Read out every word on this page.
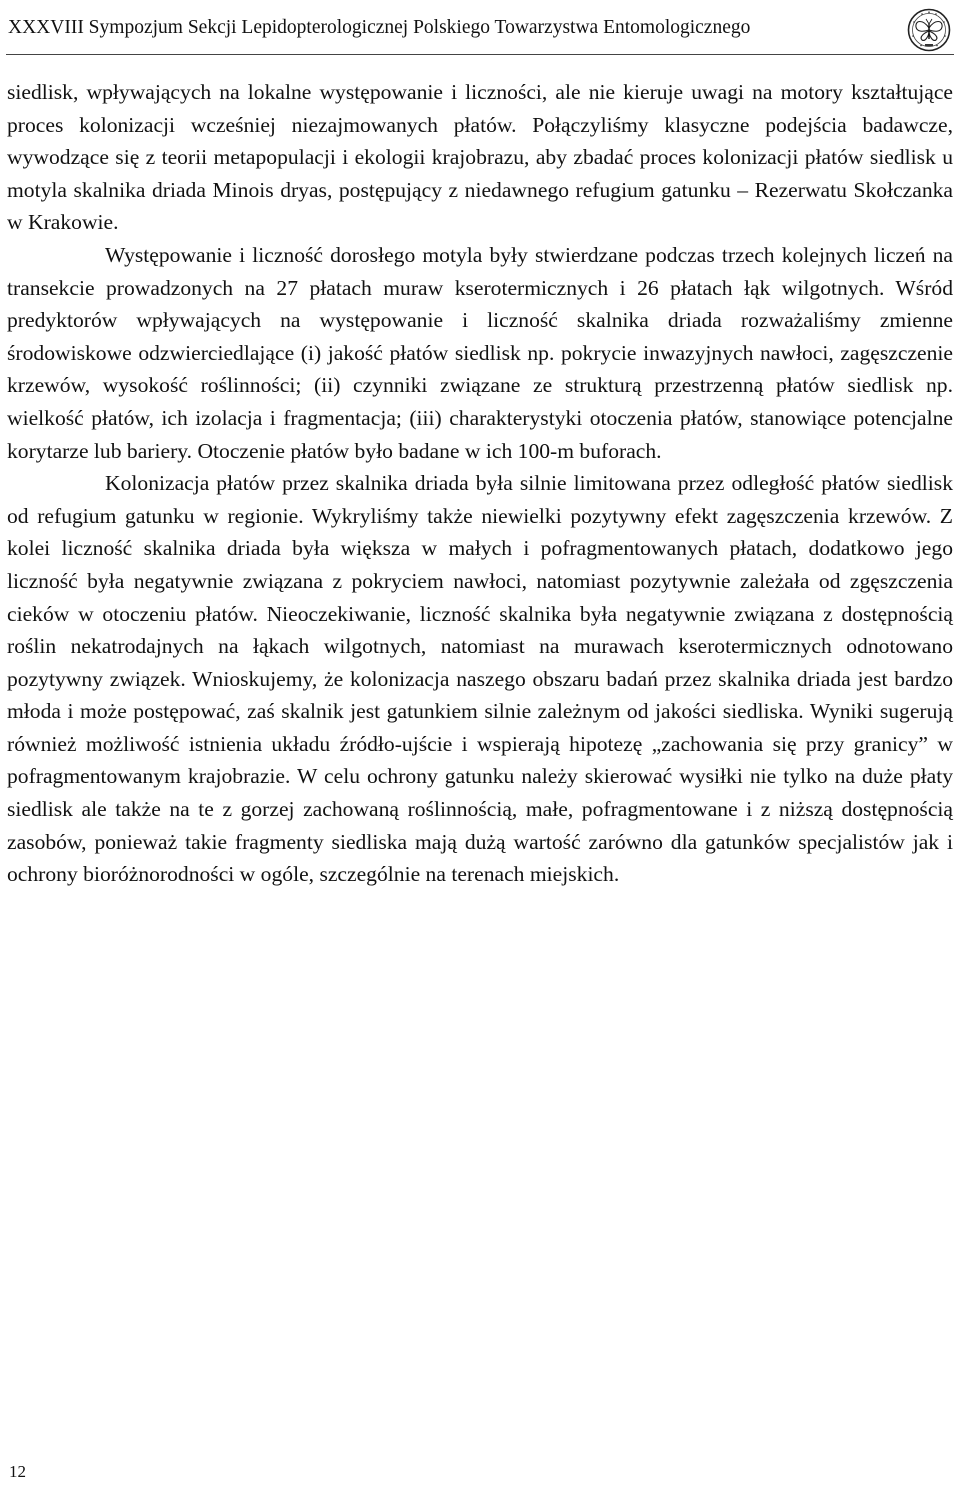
XXXVIII Sympozjum Sekcji Lepidopterologicznej Polskiego Towarzystwa Entomologicznego

siedlisk, wpływających na lokalne występowanie i liczności, ale nie kieruje uwagi na motory kształtujące proces kolonizacji wcześniej niezajmowanych płatów. Połączyliśmy klasyczne podejścia badawcze, wywodzące się z teorii metapopulacji i ekologii krajobrazu, aby zbadać proces kolonizacji płatów siedlisk u motyla skalnika driada Minois dryas, postępujący z niedawnego refugium gatunku – Rezerwatu Skołczanka w Krakowie.

Występowanie i liczność dorosłego motyla były stwierdzane podczas trzech kolejnych liczeń na transekcie prowadzonych na 27 płatach muraw kserotermicznych i 26 płatach łąk wilgotnych. Wśród predyktorów wpływających na występowanie i liczność skalnika driada rozważaliśmy zmienne środowiskowe odzwierciedlające (i) jakość płatów siedlisk np. pokrycie inwazyjnych nawłoci, zagęszczenie krzewów, wysokość roślinności; (ii) czynniki związane ze strukturą przestrzenną płatów siedlisk np. wielkość płatów, ich izolacja i fragmentacja; (iii) charakterystyki otoczenia płatów, stanowiące potencjalne korytarze lub bariery. Otoczenie płatów było badane w ich 100-m buforach.

Kolonizacja płatów przez skalnika driada była silnie limitowana przez odległość płatów siedlisk od refugium gatunku w regionie. Wykryliśmy także niewielki pozytywny efekt zagęszczenia krzewów. Z kolei liczność skalnika driada była większa w małych i pofragmentowanych płatach, dodatkowo jego liczność była negatywnie związana z pokryciem nawłoci, natomiast pozytywnie zależała od zgęszczenia cieków w otoczeniu płatów. Nieoczekiwanie, liczność skalnika była negatywnie związana z dostępnością roślin nekatrodajnych na łąkach wilgotnych, natomiast na murawach kserotermicznych odnotowano pozytywny związek. Wnioskujemy, że kolonizacja naszego obszaru badań przez skalnika driada jest bardzo młoda i może postępować, zaś skalnik jest gatunkiem silnie zależnym od jakości siedliska. Wyniki sugerują również możliwość istnienia układu źródło-ujście i wspierają hipotezę „zachowania się przy granicy” w pofragmentowanym krajobrazie. W celu ochrony gatunku należy skierować wysiłki nie tylko na duże płaty siedlisk ale także na te z gorzej zachowaną roślinnością, małe, pofragmentowane i z niższą dostępnością zasobów, ponieważ takie fragmenty siedliska mają dużą wartość zarówno dla gatunków specjalistów jak i ochrony bioróżnorodności w ogóle, szczególnie na terenach miejskich.

12
